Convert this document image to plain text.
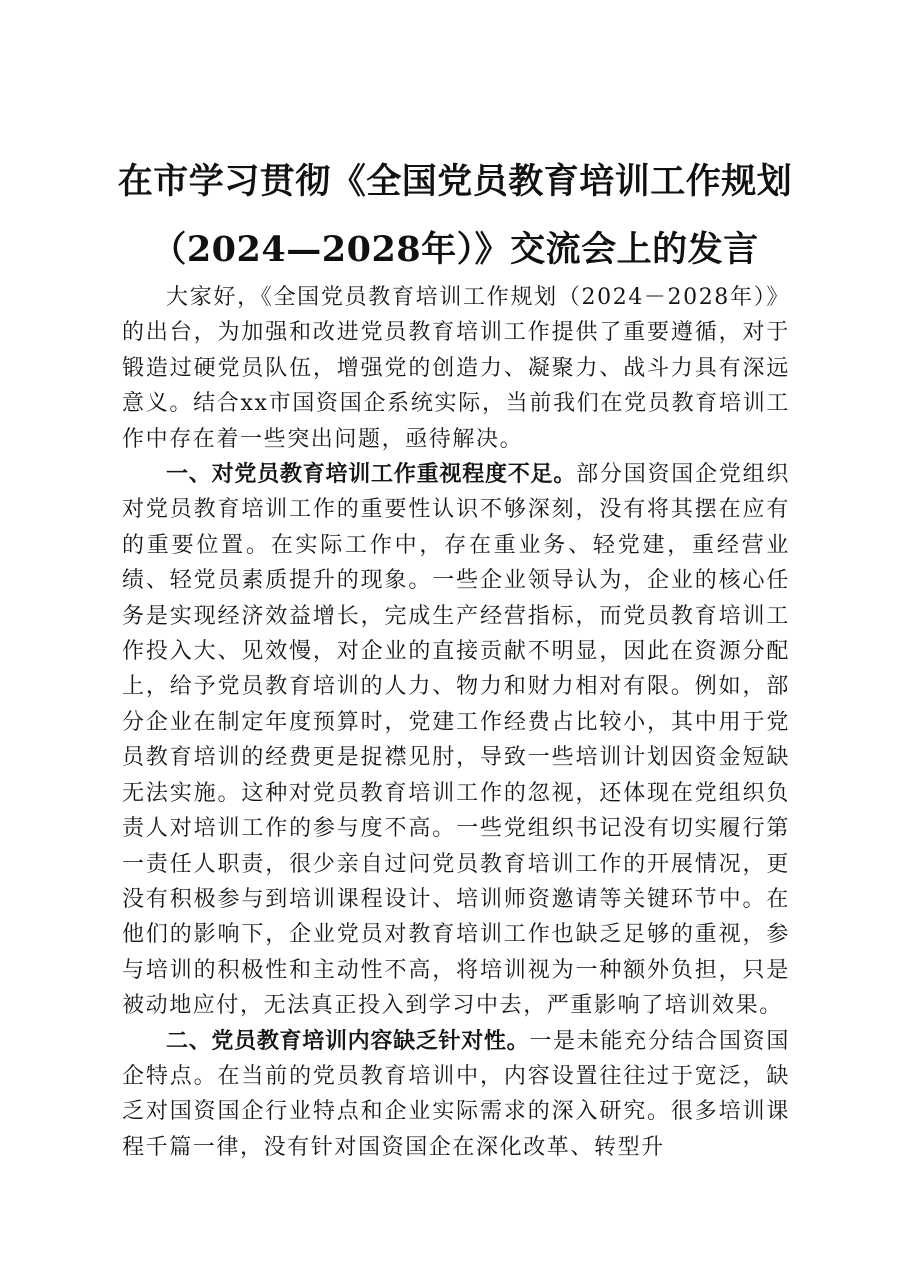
在市学习贯彻《全国党员教育培训工作规划
（2024—2028年）》交流会上的发言

大家好，《全国党员教育培训工作规划（2024－2028年）》的出台，为加强和改进党员教育培训工作提供了重要遵循，对于锻造过硬党员队伍，增强党的创造力、凝聚力、战斗力具有深远意义。结合xx市国资国企系统实际，当前我们在党员教育培训工作中存在着一些突出问题，亟待解决。

一、对党员教育培训工作重视程度不足。部分国资国企党组织对党员教育培训工作的重要性认识不够深刻，没有将其摆在应有的重要位置。在实际工作中，存在重业务、轻党建，重经营业绩、轻党员素质提升的现象。一些企业领导认为，企业的核心任务是实现经济效益增长，完成生产经营指标，而党员教育培训工作投入大、见效慢，对企业的直接贡献不明显，因此在资源分配上，给予党员教育培训的人力、物力和财力相对有限。例如，部分企业在制定年度预算时，党建工作经费占比较小，其中用于党员教育培训的经费更是捉襟见肘，导致一些培训计划因资金短缺无法实施。这种对党员教育培训工作的忽视，还体现在党组织负责人对培训工作的参与度不高。一些党组织书记没有切实履行第一责任人职责，很少亲自过问党员教育培训工作的开展情况，更没有积极参与到培训课程设计、培训师资邀请等关键环节中。在他们的影响下，企业党员对教育培训工作也缺乏足够的重视，参与培训的积极性和主动性不高，将培训视为一种额外负担，只是被动地应付，无法真正投入到学习中去，严重影响了培训效果。

二、党员教育培训内容缺乏针对性。一是未能充分结合国资国企特点。在当前的党员教育培训中，内容设置往往过于宽泛，缺乏对国资国企行业特点和企业实际需求的深入研究。很多培训课程千篇一律，没有针对国资国企在深化改革、转型升
